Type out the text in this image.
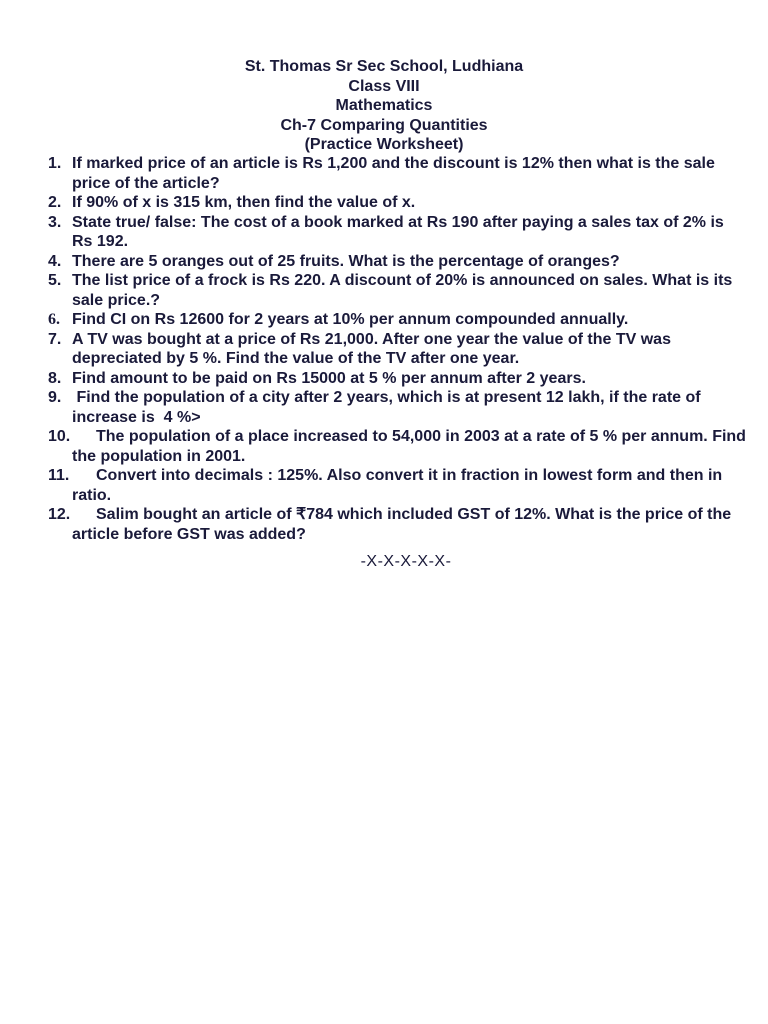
St. Thomas Sr Sec School, Ludhiana
Class VIII
Mathematics
Ch-7 Comparing Quantities
(Practice Worksheet)
1. If marked price of an article is Rs 1,200 and the discount is 12% then what is the sale price of the article?
2. If 90% of x is 315 km, then find the value of x.
3. State true/ false: The cost of a book marked at Rs 190 after paying a sales tax of 2% is Rs 192.
4. There are 5 oranges out of 25 fruits. What is the percentage of oranges?
5. The list price of a frock is Rs 220. A discount of 20% is announced on sales. What is its sale price.?
6. Find CI on Rs 12600 for 2 years at 10% per annum compounded annually.
7. A TV was bought at a price of Rs 21,000. After one year the value of the TV was depreciated by 5 %. Find the value of the TV after one year.
8. Find amount to be paid on Rs 15000 at 5 % per annum after 2 years.
9. Find the population of a city after 2 years, which is at present 12 lakh, if the rate of increase is  4 %>
10. The population of a place increased to 54,000 in 2003 at a rate of 5 % per annum. Find the population in 2001.
11. Convert into decimals : 125%. Also convert it in fraction in lowest form and then in ratio.
12. Salim bought an article of ₹784 which included GST of 12%. What is the price of the article before GST was added?
-X-X-X-X-X-
